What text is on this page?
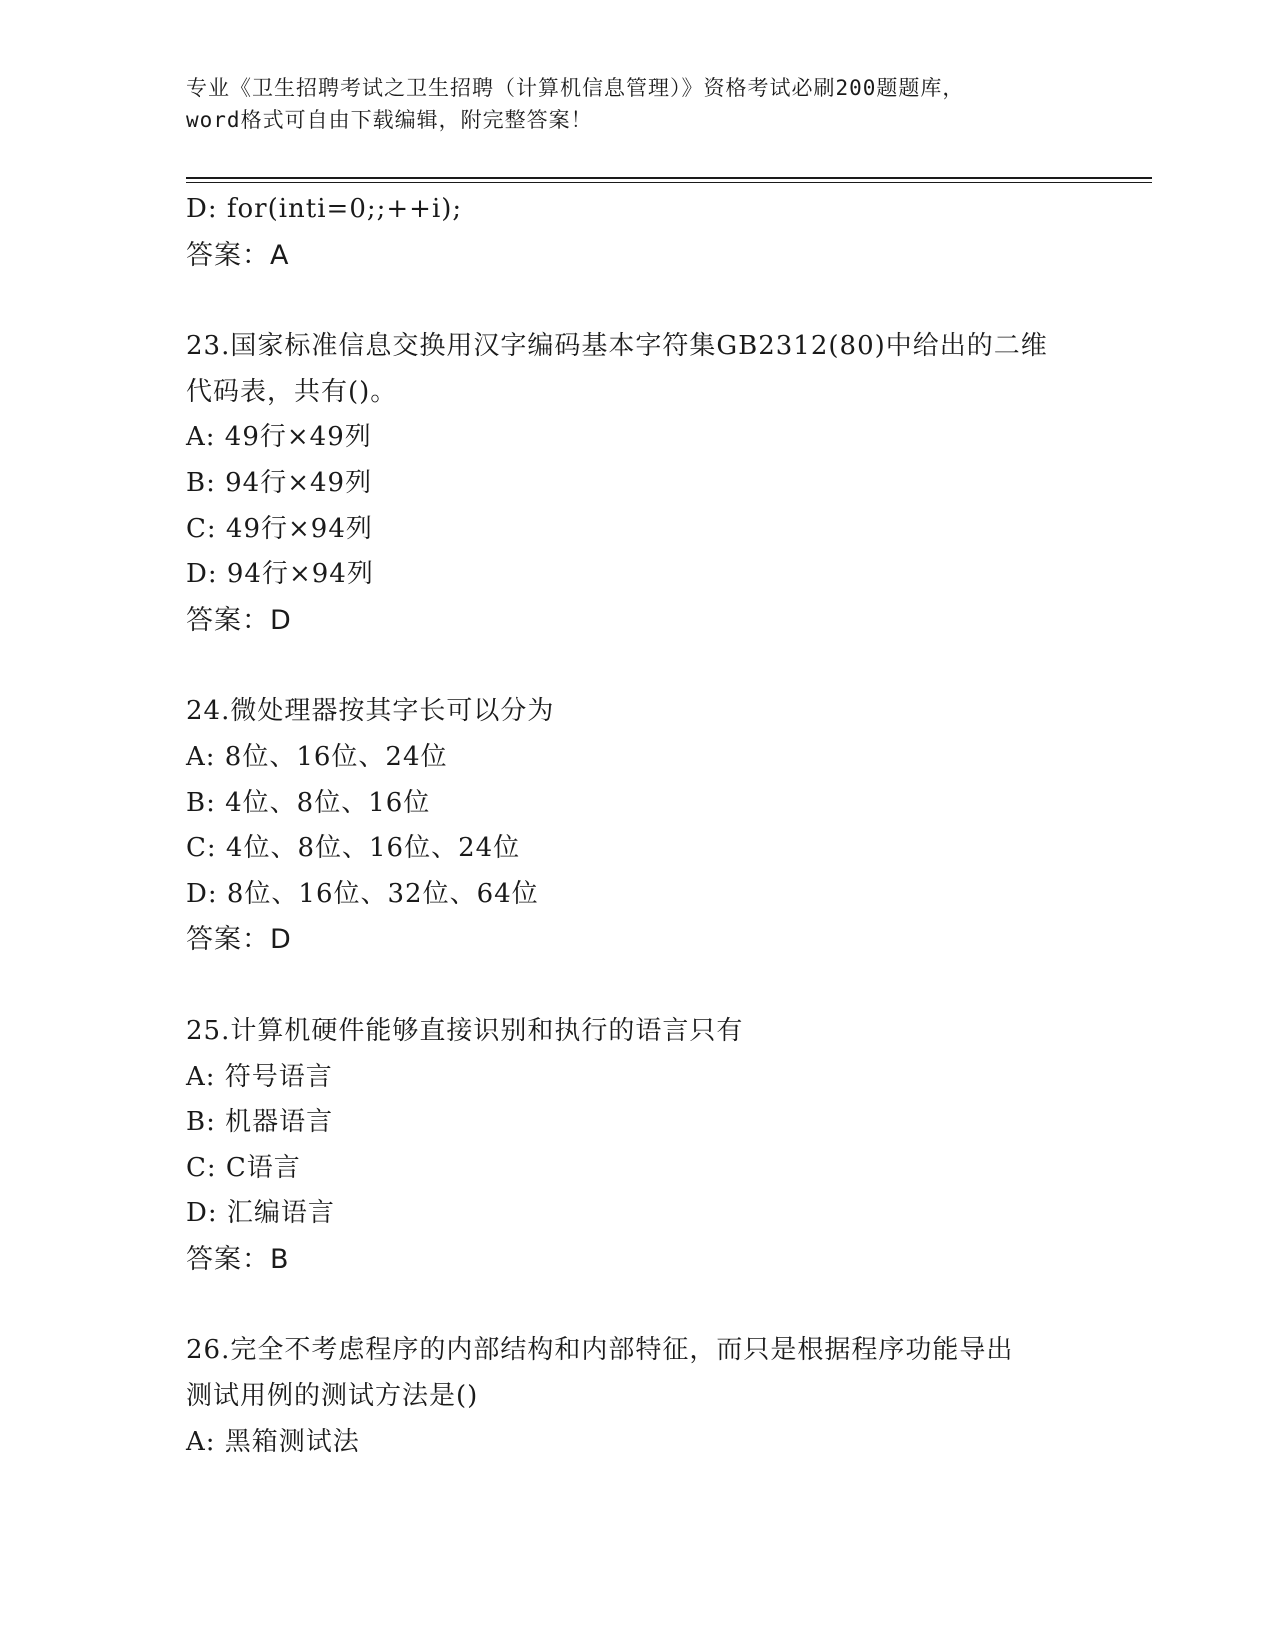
专业《卫生招聘考试之卫生招聘（计算机信息管理）》资格考试必刷200题题库，
word格式可自由下载编辑，附完整答案！
D: for(inti=0;;++i);
答案：A
23.国家标准信息交换用汉字编码基本字符集GB2312(80)中给出的二维
代码表，共有()。
A: 49行×49列
B: 94行×49列
C: 49行×94列
D: 94行×94列
答案：D
24.微处理器按其字长可以分为
A: 8位、16位、24位
B: 4位、8位、16位
C: 4位、8位、16位、24位
D: 8位、16位、32位、64位
答案：D
25.计算机硬件能够直接识别和执行的语言只有
A: 符号语言
B: 机器语言
C: C语言
D: 汇编语言
答案：B
26.完全不考虑程序的内部结构和内部特征，而只是根据程序功能导出
测试用例的测试方法是()
A: 黑箱测试法
